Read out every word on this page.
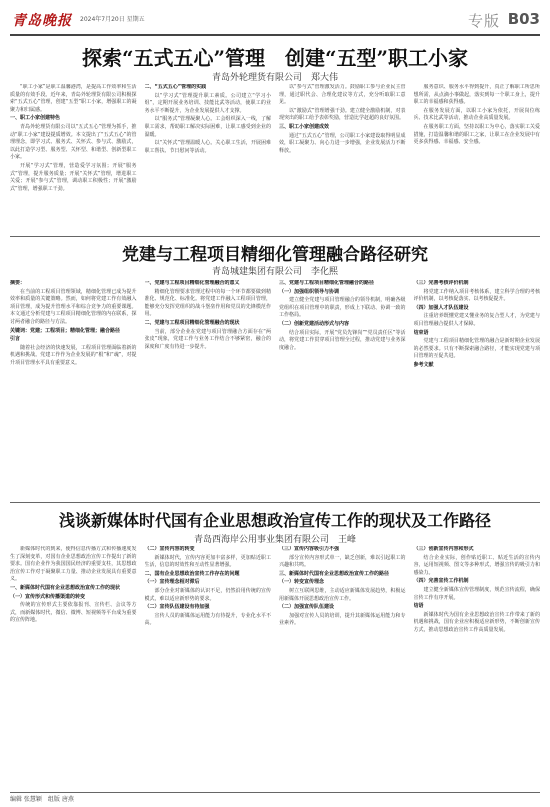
青岛晚报 2024年7月20日 星期五	专版 B03
探索“五式五心”管理　创建“五型”职工小家
青岛外轮理货有限公司　郑大伟

“职工小家”是职工温馨港湾，是提高工作效率和生活质量的有效手段。近年来，青岛外轮理货有限公司积极探索“五式五心”管理，创建“五型”职工小家，增强职工的凝聚力和归属感。

一、职工小家创建特色

青岛外轮理货有限公司以“五式五心”管理为抓手，推动“职工小家”建设提质增效。本文提出了“五式五心”的管理理念，即学习式、服务式、关怀式、参与式、激励式，以此打造学习型、服务型、关怀型、和谐型、创新型职工小家。

开展“学习式”管理，营造爱学习氛围；开展“服务式”管理，提升服务质量；开展“关怀式”管理，增进职工关爱；开展“参与式”管理，调动职工积极性；开展“激励式”管理，增强职工干劲。

二、“五式五心”管理的实践

以“学习式”管理提升职工素质。公司建立“学习小组”，定期开展业务培训、技能比武等活动，使职工的业务水平不断提升，为企业发展提供人才支撑。

以“服务式”管理凝聚人心。工会组织深入一线，了解职工需求，帮助职工解决实际困难，让职工感受到企业的温暖。

以“关怀式”管理温暖人心。关心职工生活，开展困难职工帮扶、节日慰问等活动。

以“参与式”管理激发活力。鼓励职工参与企业民主管理，通过职代会、合理化建议等方式，充分听取职工意见。

以“激励式”管理增强干劲。建立健全激励机制，对表现突出的职工给予表彰奖励，营造比学赶超的良好氛围。

三、职工小家创建成效

通过“五式五心”管理，公司职工小家建设取得明显成效，职工凝聚力、向心力进一步增强，企业发展活力不断释放。

服务意识、服务水平得到提升，真正了解职工所思所想所需，从点滴小事做起，落实到每一个职工身上，提升职工的幸福感和获得感。

在服务发展方面，以职工小家为依托，开展岗位练兵、技术比武等活动，推动企业高质量发展。

在服务职工方面，坚持以职工为中心，落实职工关爱措施，打造温馨和谐的职工之家，让职工在企业发展中有更多获得感、幸福感、安全感。

党建与工程项目精细化管理融合路径研究
青岛城建集团有限公司　李化熙

摘要：

在当前的工程项目管理领域，精细化管理已成为提升效率和质量的关键策略。然而，如何将党建工作有效融入项目管理，成为提升管理水平和综合竞争力的重要课题。本文通过分析党建与工程项目精细化管理的内在联系，探讨两者融合的路径与方法。

关键词：党建；工程项目；精细化管理；融合路径

引言

随着社会经济的快速发展，工程项目管理面临着新的机遇和挑战。党建工作作为企业发展的“根”和“魂”，对提升项目管理水平具有重要意义。

一、党建与工程项目精细化管理融合的意义

精细化管理要求管理过程中的每一个环节都要做到精准化、规范化、标准化。将党建工作融入工程项目管理，能够充分发挥党组织的战斗堡垒作用和党员的先锋模范作用。

二、党建与工程项目精细化管理融合的现状

当前，部分企业在党建与项目管理融合方面存在“两张皮”现象，党建工作与业务工作结合不够紧密，融合的深度和广度有待进一步提升。

三、党建与工程项目精细化管理融合的路径

（一）加强组织领导与协调

建立健全党建与项目管理融合的领导机制，明确各级党组织在项目管理中的职责，形成上下联动、协调一致的工作格局。

（二）创新党建活动形式与内容

结合项目实际，开展“党员先锋岗”“党员责任区”等活动，将党建工作贯穿项目管理全过程，推动党建与业务深度融合。

（三）完善考核评价机制

将党建工作纳入项目考核体系，建立科学合理的考核评价机制，以考核促落实、以考核促提升。

（四）加强人才队伍建设

注重培养既懂党建又懂业务的复合型人才，为党建与项目管理融合提供人才保障。

结束语

党建与工程项目精细化管理的融合是新时期企业发展的必然要求。只有不断探索融合路径，才能实现党建与项目管理的互促共进。

参考文献

浅谈新媒体时代国有企业思想政治宣传工作的现状及工作路径
青岛西海岸公用事业集团有限公司　王峰

新媒体时代的到来，使得信息传播方式和传播速度发生了深刻变革，对国有企业思想政治宣传工作提出了新的要求。国有企业作为我国国民经济的重要支柱，其思想政治宣传工作对于凝聚职工力量、推动企业发展具有重要意义。

一、新媒体时代国有企业思想政治宣传工作的现状

（一）宣传形式和传播渠道的转变

传统的宣传形式主要依靠报刊、宣传栏、会议等方式，而新媒体时代，微信、微博、短视频等平台成为重要的宣传阵地。

（二）宣传内容的转变

新媒体时代，宣传内容更加丰富多样，更加贴近职工生活，信息的时效性和互动性显著增强。

二、国有企业思想政治宣传工作存在的问题

（一）宣传理念相对滞后

部分企业对新媒体的认识不足，仍然沿用传统的宣传模式，难以适应新形势的要求。

（二）宣传队伍建设有待加强

宣传人员的新媒体运用能力有待提升，专业化水平不高。

（三）宣传内容吸引力不强

部分宣传内容形式单一，缺乏创新，难以引起职工的兴趣和共鸣。

三、新媒体时代国有企业思想政治宣传工作的路径

（一）转变宣传理念

树立互联网思维，主动适应新媒体发展趋势，积极运用新媒体开展思想政治宣传工作。

（二）加强宣传队伍建设

加强对宣传人员的培训，提升其新媒体运用能力和专业素养。

（三）创新宣传内容和形式

结合企业实际，创作贴近职工、贴近生活的宣传内容，运用短视频、图文等多种形式，增强宣传的吸引力和感染力。

（四）完善宣传工作机制

建立健全新媒体宣传管理制度，规范宣传流程，确保宣传工作有序开展。

结语

新媒体时代为国有企业思想政治宣传工作带来了新的机遇和挑战，国有企业应积极适应新形势，不断创新宣传方式，推动思想政治宣传工作高质量发展。

编辑 张慧颖　组版 唐燕
